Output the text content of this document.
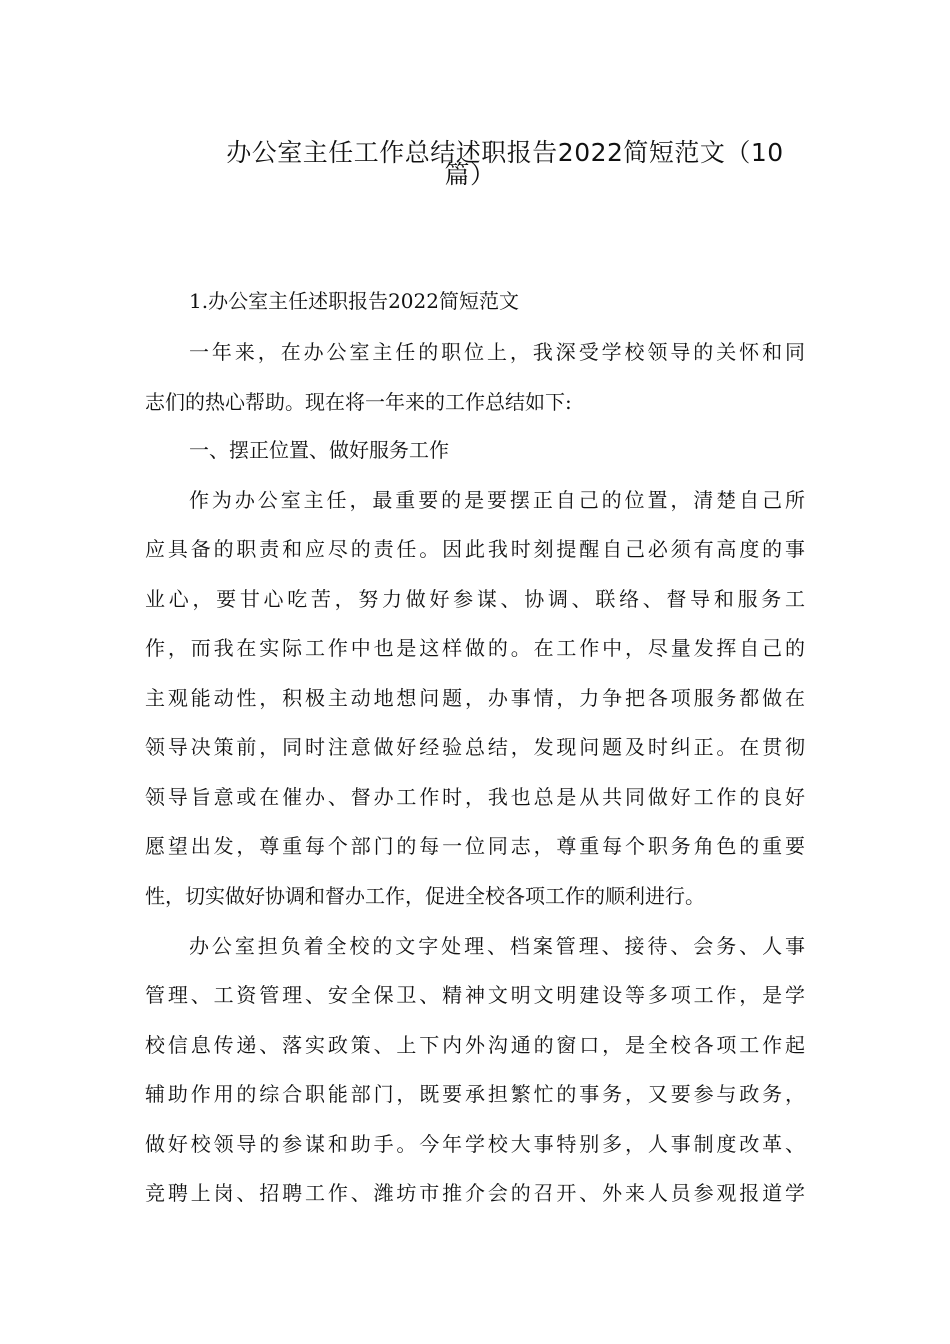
办公室主任工作总结述职报告2022简短范文（10
篇）
1.办公室主任述职报告2022简短范文
一年来，在办公室主任的职位上，我深受学校领导的关怀和同
志们的热心帮助。现在将一年来的工作总结如下:
一、摆正位置、做好服务工作
作为办公室主任，最重要的是要摆正自己的位置，清楚自己所
应具备的职责和应尽的责任。因此我时刻提醒自己必须有高度的事
业心，要甘心吃苦，努力做好参谋、协调、联络、督导和服务工
作，而我在实际工作中也是这样做的。在工作中，尽量发挥自己的
主观能动性，积极主动地想问题，办事情，力争把各项服务都做在
领导决策前，同时注意做好经验总结，发现问题及时纠正。在贯彻
领导旨意或在催办、督办工作时，我也总是从共同做好工作的良好
愿望出发，尊重每个部门的每一位同志，尊重每个职务角色的重要
性，切实做好协调和督办工作，促进全校各项工作的顺利进行。
办公室担负着全校的文字处理、档案管理、接待、会务、人事
管理、工资管理、安全保卫、精神文明文明建设等多项工作，是学
校信息传递、落实政策、上下内外沟通的窗口，是全校各项工作起
辅助作用的综合职能部门，既要承担繁忙的事务，又要参与政务，
做好校领导的参谋和助手。今年学校大事特别多，人事制度改革、
竞聘上岗、招聘工作、潍坊市推介会的召开、外来人员参观报道学
